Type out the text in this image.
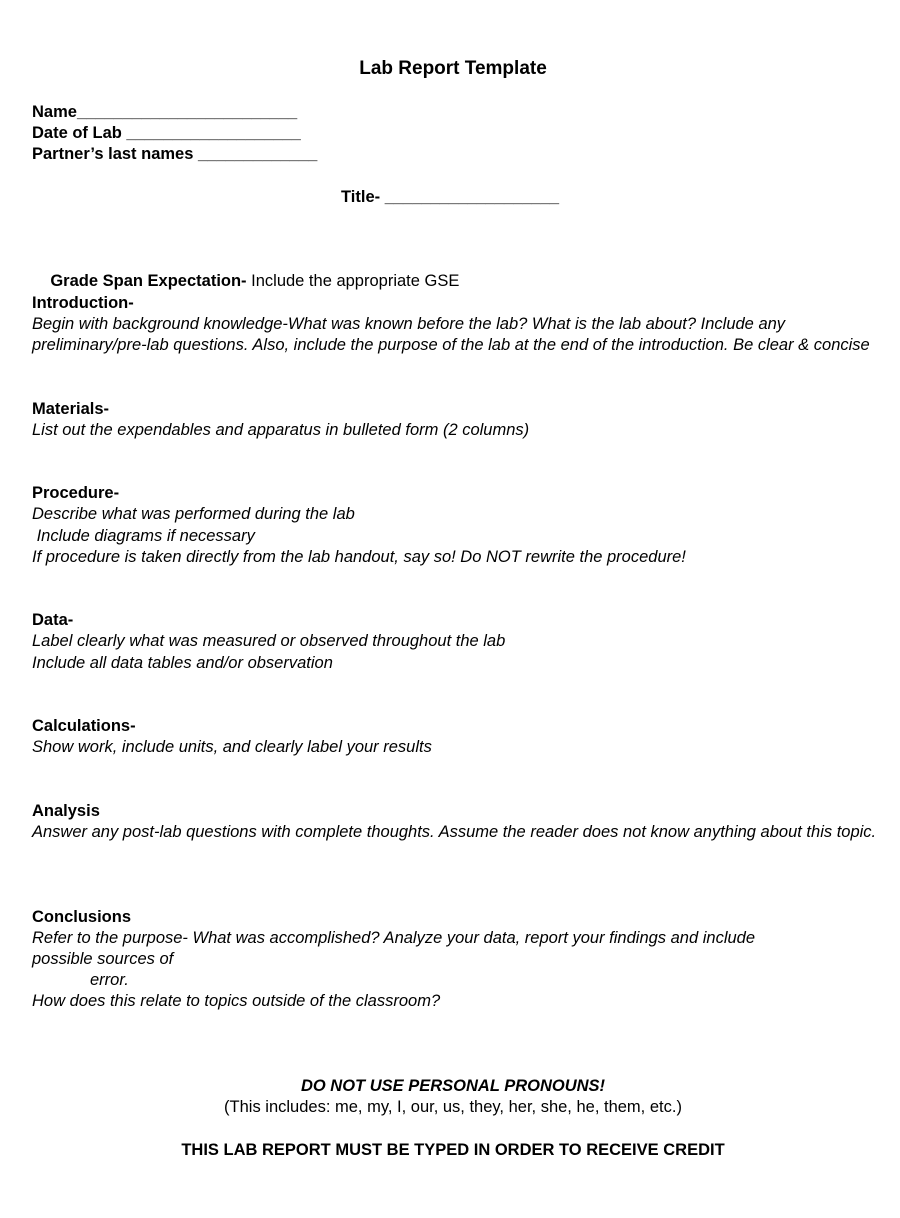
Lab Report Template
Name________________________
Date of Lab ___________________
Partner’s last names _____________
Title- ___________________

Grade Span Expectation- Include the appropriate GSE

Introduction-
Begin with background knowledge-What was known before the lab? What is the lab about? Include any preliminary/pre-lab questions. Also, include the purpose of the lab at the end of the introduction. Be clear & concise
Materials-
List out the expendables and apparatus in bulleted form (2 columns)
Procedure-
Describe what was performed during the lab
Include diagrams if necessary
If procedure is taken directly from the lab handout, say so! Do NOT rewrite the procedure!
Data-
Label clearly what was measured or observed throughout the lab
Include all data tables and/or observation
Calculations-
Show work, include units, and clearly label your results
Analysis
Answer any post-lab questions with complete thoughts. Assume the reader does not know anything about this topic.
Conclusions
Refer to the purpose- What was accomplished? Analyze your data, report your findings and include
possible sources of
error.
How does this relate to topics outside of the classroom?
DO NOT USE PERSONAL PRONOUNS!
(This includes: me, my, I, our, us, they, her, she, he, them, etc.)
THIS LAB REPORT MUST BE TYPED IN ORDER TO RECEIVE CREDIT
